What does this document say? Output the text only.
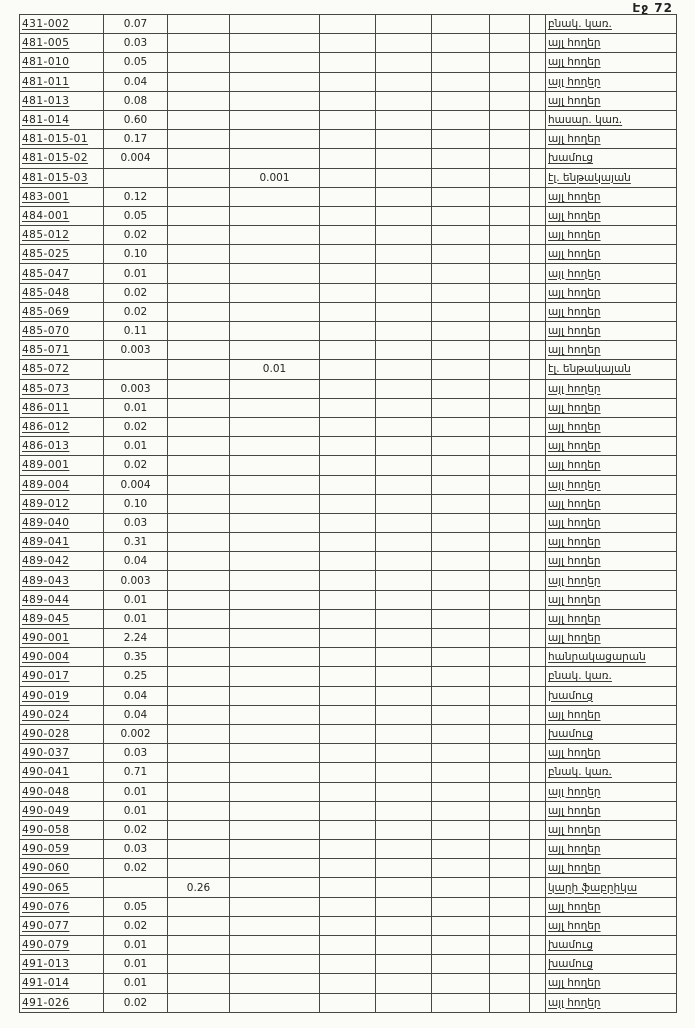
Էջ 72
431-002	0.07								բնակ. կառ.
481-005	0.03								այլ հողեր
481-010	0.05								այլ հողեր
481-011	0.04								այլ հողեր
481-013	0.08								այլ հողեր
481-014	0.60								հասար. կառ.
481-015-01	0.17								այլ հողեր
481-015-02	0.004								խամուց
481-015-03			0.001						էլ. ենթակայան
483-001	0.12								այլ հողեր
484-001	0.05								այլ հողեր
485-012	0.02								այլ հողեր
485-025	0.10								այլ հողեր
485-047	0.01								այլ հողեր
485-048	0.02								այլ հողեր
485-069	0.02								այլ հողեր
485-070	0.11								այլ հողեր
485-071	0.003								այլ հողեր
485-072			0.01						էլ. ենթակայան
485-073	0.003								այլ հողեր
486-011	0.01								այլ հողեր
486-012	0.02								այլ հողեր
486-013	0.01								այլ հողեր
489-001	0.02								այլ հողեր
489-004	0.004								այլ հողեր
489-012	0.10								այլ հողեր
489-040	0.03								այլ հողեր
489-041	0.31								այլ հողեր
489-042	0.04								այլ հողեր
489-043	0.003								այլ հողեր
489-044	0.01								այլ հողեր
489-045	0.01								այլ հողեր
490-001	2.24								այլ հողեր
490-004	0.35								հանրակացարան
490-017	0.25								բնակ. կառ.
490-019	0.04								խամուց
490-024	0.04								այլ հողեր
490-028	0.002								խամուց
490-037	0.03								այլ հողեր
490-041	0.71								բնակ. կառ.
490-048	0.01								այլ հողեր
490-049	0.01								այլ հողեր
490-058	0.02								այլ հողեր
490-059	0.03								այլ հողեր
490-060	0.02								այլ հողեր
490-065		0.26							կարի ֆաբրիկա
490-076	0.05								այլ հողեր
490-077	0.02								այլ հողեր
490-079	0.01								խամուց
491-013	0.01								խամուց
491-014	0.01								այլ հողեր
491-026	0.02								այլ հողեր
